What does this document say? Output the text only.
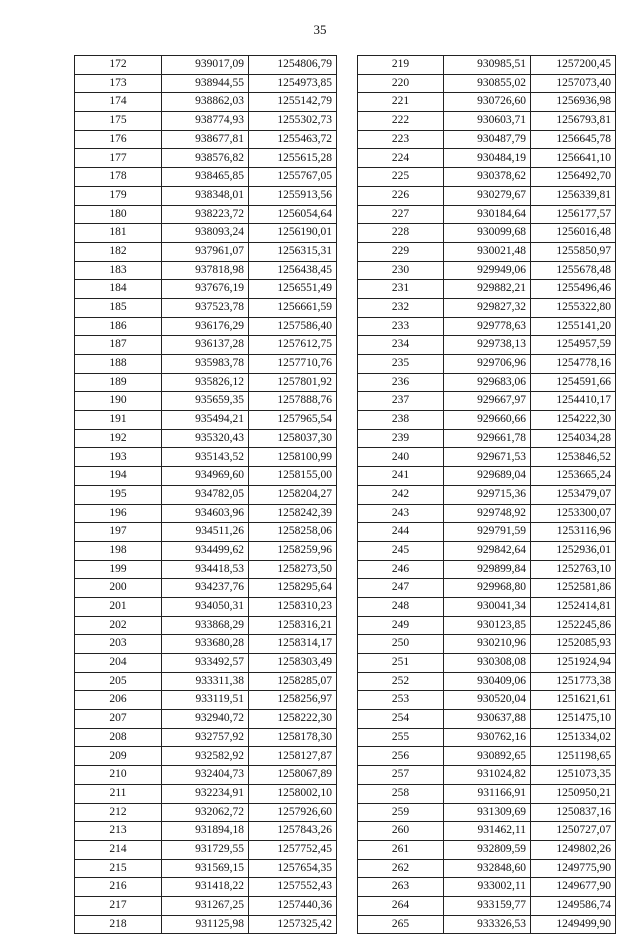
35
172	939017,09	1254806,79
173	938944,55	1254973,85
174	938862,03	1255142,79
175	938774,93	1255302,73
176	938677,81	1255463,72
177	938576,82	1255615,28
178	938465,85	1255767,05
179	938348,01	1255913,56
180	938223,72	1256054,64
181	938093,24	1256190,01
182	937961,07	1256315,31
183	937818,98	1256438,45
184	937676,19	1256551,49
185	937523,78	1256661,59
186	936176,29	1257586,40
187	936137,28	1257612,75
188	935983,78	1257710,76
189	935826,12	1257801,92
190	935659,35	1257888,76
191	935494,21	1257965,54
192	935320,43	1258037,30
193	935143,52	1258100,99
194	934969,60	1258155,00
195	934782,05	1258204,27
196	934603,96	1258242,39
197	934511,26	1258258,06
198	934499,62	1258259,96
199	934418,53	1258273,50
200	934237,76	1258295,64
201	934050,31	1258310,23
202	933868,29	1258316,21
203	933680,28	1258314,17
204	933492,57	1258303,49
205	933311,38	1258285,07
206	933119,51	1258256,97
207	932940,72	1258222,30
208	932757,92	1258178,30
209	932582,92	1258127,87
210	932404,73	1258067,89
211	932234,91	1258002,10
212	932062,72	1257926,60
213	931894,18	1257843,26
214	931729,55	1257752,45
215	931569,15	1257654,35
216	931418,22	1257552,43
217	931267,25	1257440,36
218	931125,98	1257325,42
219	930985,51	1257200,45
220	930855,02	1257073,40
221	930726,60	1256936,98
222	930603,71	1256793,81
223	930487,79	1256645,78
224	930484,19	1256641,10
225	930378,62	1256492,70
226	930279,67	1256339,81
227	930184,64	1256177,57
228	930099,68	1256016,48
229	930021,48	1255850,97
230	929949,06	1255678,48
231	929882,21	1255496,46
232	929827,32	1255322,80
233	929778,63	1255141,20
234	929738,13	1254957,59
235	929706,96	1254778,16
236	929683,06	1254591,66
237	929667,97	1254410,17
238	929660,66	1254222,30
239	929661,78	1254034,28
240	929671,53	1253846,52
241	929689,04	1253665,24
242	929715,36	1253479,07
243	929748,92	1253300,07
244	929791,59	1253116,96
245	929842,64	1252936,01
246	929899,84	1252763,10
247	929968,80	1252581,86
248	930041,34	1252414,81
249	930123,85	1252245,86
250	930210,96	1252085,93
251	930308,08	1251924,94
252	930409,06	1251773,38
253	930520,04	1251621,61
254	930637,88	1251475,10
255	930762,16	1251334,02
256	930892,65	1251198,65
257	931024,82	1251073,35
258	931166,91	1250950,21
259	931309,69	1250837,16
260	931462,11	1250727,07
261	932809,59	1249802,26
262	932848,60	1249775,90
263	933002,11	1249677,90
264	933159,77	1249586,74
265	933326,53	1249499,90
